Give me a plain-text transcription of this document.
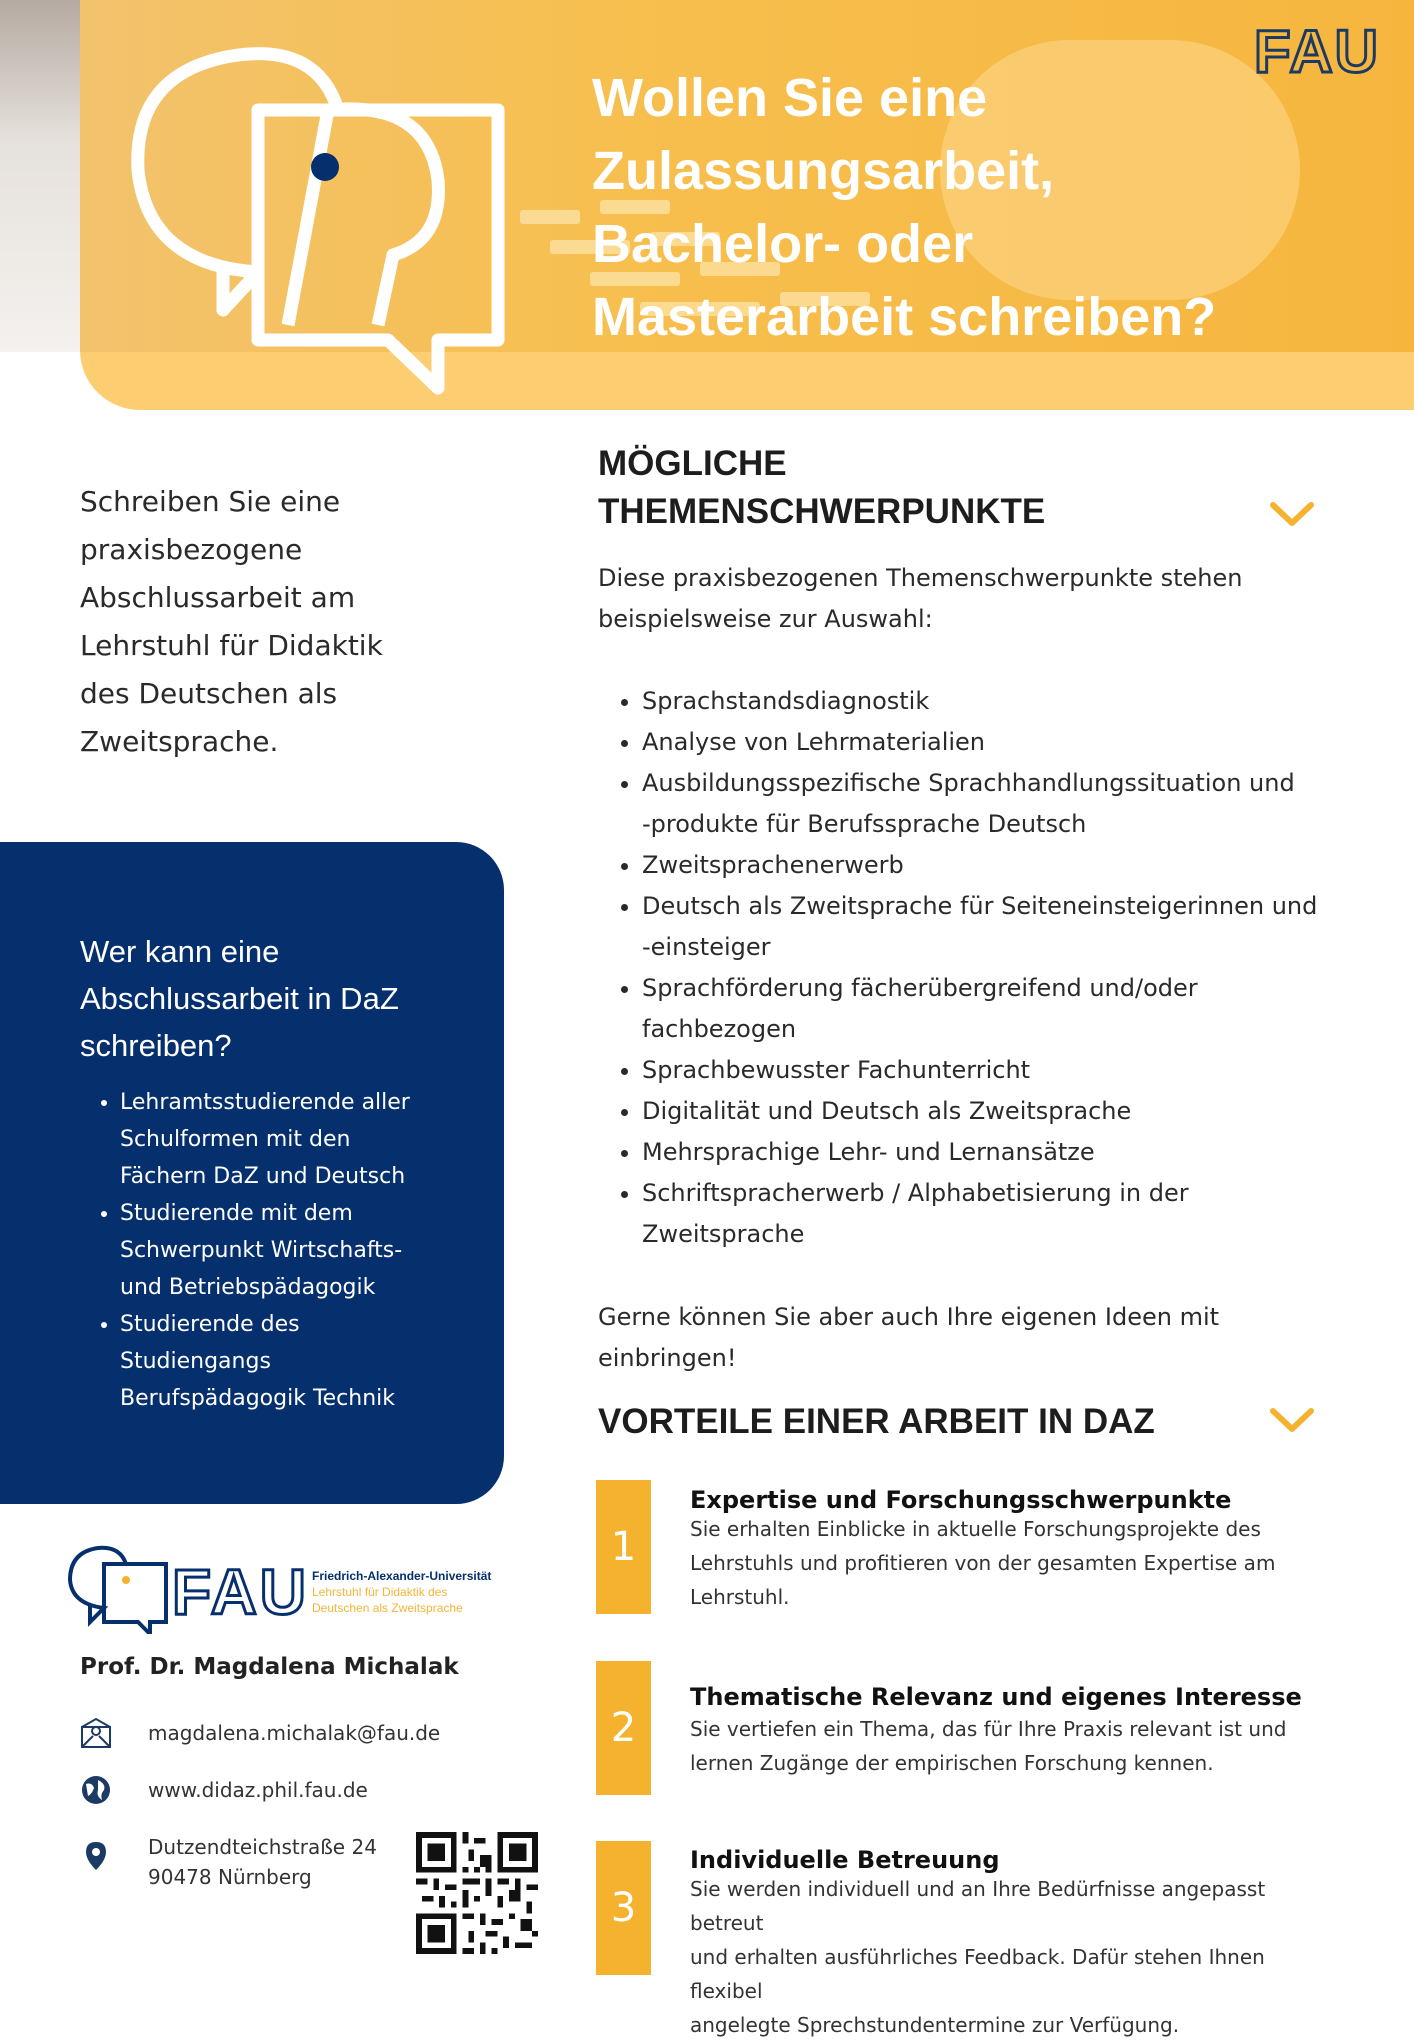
Wollen Sie eine
Zulassungsarbeit,
Bachelor- oder
Masterarbeit schreiben?
FAU
Schreiben Sie eine
praxisbezogene
Abschlussarbeit am
Lehrstuhl für Didaktik
des Deutschen als
Zweitsprache.
Wer kann eine
Abschlussarbeit in DaZ
schreiben?
• Lehramtsstudierende aller
Schulformen mit den
Fächern DaZ und Deutsch
• Studierende mit dem
Schwerpunkt Wirtschafts-
und Betriebspädagogik
• Studierende des
Studiengangs
Berufspädagogik Technik
FAU Friedrich-Alexander-Universität
Lehrstuhl für Didaktik des
Deutschen als Zweitsprache

Prof. Dr. Magdalena Michalak

magdalena.michalak@fau.de
www.didaz.phil.fau.de
Dutzendteichstraße 24
90478 Nürnberg
MÖGLICHE
THEMENSCHWERPUNKTE
Diese praxisbezogenen Themenschwerpunkte stehen
beispielsweise zur Auswahl:
• Sprachstandsdiagnostik
• Analyse von Lehrmaterialien
• Ausbildungsspezifische Sprachhandlungssituation und
-produkte für Berufssprache Deutsch
• Zweitsprachenerwerb
• Deutsch als Zweitsprache für Seiteneinsteigerinnen und
-einsteiger
• Sprachförderung fächerübergreifend und/oder
fachbezogen
• Sprachbewusster Fachunterricht
• Digitalität und Deutsch als Zweitsprache
• Mehrsprachige Lehr- und Lernansätze
• Schriftspracherwerb / Alphabetisierung in der
Zweitsprache
Gerne können Sie aber auch Ihre eigenen Ideen mit
einbringen!
VORTEILE EINER ARBEIT IN DAZ
1

Expertise und Forschungsschwerpunkte

Sie erhalten Einblicke in aktuelle Forschungsprojekte des
Lehrstuhls und profitieren von der gesamten Expertise am
Lehrstuhl.
2

Thematische Relevanz und eigenes Interesse

Sie vertiefen ein Thema, das für Ihre Praxis relevant ist und
lernen Zugänge der empirischen Forschung kennen.
3

Individuelle Betreuung

Sie werden individuell und an Ihre Bedürfnisse angepasst betreut
und erhalten ausführliches Feedback. Dafür stehen Ihnen flexibel
angelegte Sprechstundentermine zur Verfügung.
